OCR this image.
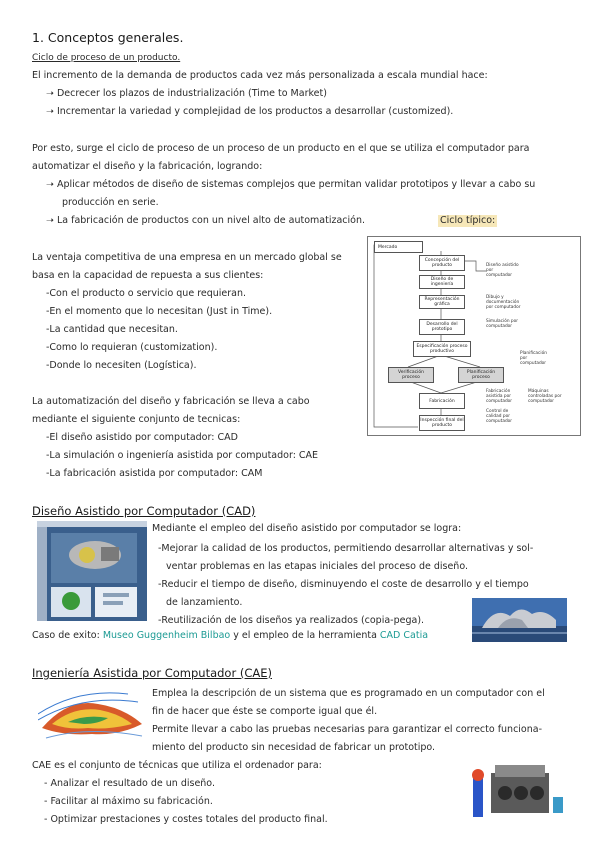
1. Conceptos generales.
Ciclo de proceso de un producto.
El incremento de la demanda de productos cada vez más personalizada a escala mundial hace:
➝ Decrecer los plazos de industrialización (Time to Market)
➝ Incrementar la variedad y complejidad de los productos a desarrollar (customized).
Por esto, surge el ciclo de proceso de un proceso de un producto en el que se utiliza el computador para
automatizar el diseño y la fabricación, logrando:
➝ Aplicar métodos de diseño de sistemas complejos que permitan validar prototipos y llevar a cabo su
producción en serie.
➝ La fabricación de productos con un nivel alto de automatización.	Ciclo típico:
La ventaja competitiva de una empresa en un mercado global se
basa en la capacidad de repuesta a sus clientes:
-Con el producto o servicio que requieran.
-En el momento que lo necesitan (Just in Time).
-La cantidad que necesitan.
-Como lo requieran (customization).
-Donde lo necesiten (Logística).
La automatización del diseño y fabricación se lleva a cabo
mediante el siguiente conjunto de tecnicas:
-El diseño asistido por computador: CAD
-La simulación o ingeniería asistida por computador: CAE
-La fabricación asistida por computador: CAM
Mercado
Concepción del producto
Diseño de ingeniería
Representación gráfica
Desarrollo del prototipo
Especificación proceso productivo
Verificación proceso
Planificación proceso
Fabricación
Inspección final del producto
Diseño asistido por computador
Dibujo y documentación por computador
Simulación por computador
Planificación por computador
Fabricación asistida por computador
Control de calidad por computador
Máquinas controladas por computador
Diseño Asistido por Computador (CAD)
Mediante el empleo del diseño asistido por computador se logra:
-Mejorar la calidad de los productos, permitiendo desarrollar alternativas y sol-
ventar problemas en las etapas iniciales del proceso de diseño.
-Reducir el tiempo de diseño, disminuyendo el coste de desarrollo y el tiempo
de lanzamiento.
-Reutilización de los diseños ya realizados (copia-pega).
Caso de exito: Museo Guggenheim Bilbao y el empleo de la herramienta CAD Catia
Ingeniería Asistida por Computador (CAE)
Emplea la descripción de un sistema que es programado en un computador con el
fin de hacer que éste se comporte igual que él.
Permite llevar a cabo las pruebas necesarias para garantizar el correcto funciona-
miento del producto sin necesidad de fabricar un prototipo.
CAE es el conjunto de técnicas que utiliza el ordenador para:
- Analizar el resultado de un diseño.
- Facilitar al máximo su fabricación.
- Optimizar prestaciones y costes totales del producto final.
